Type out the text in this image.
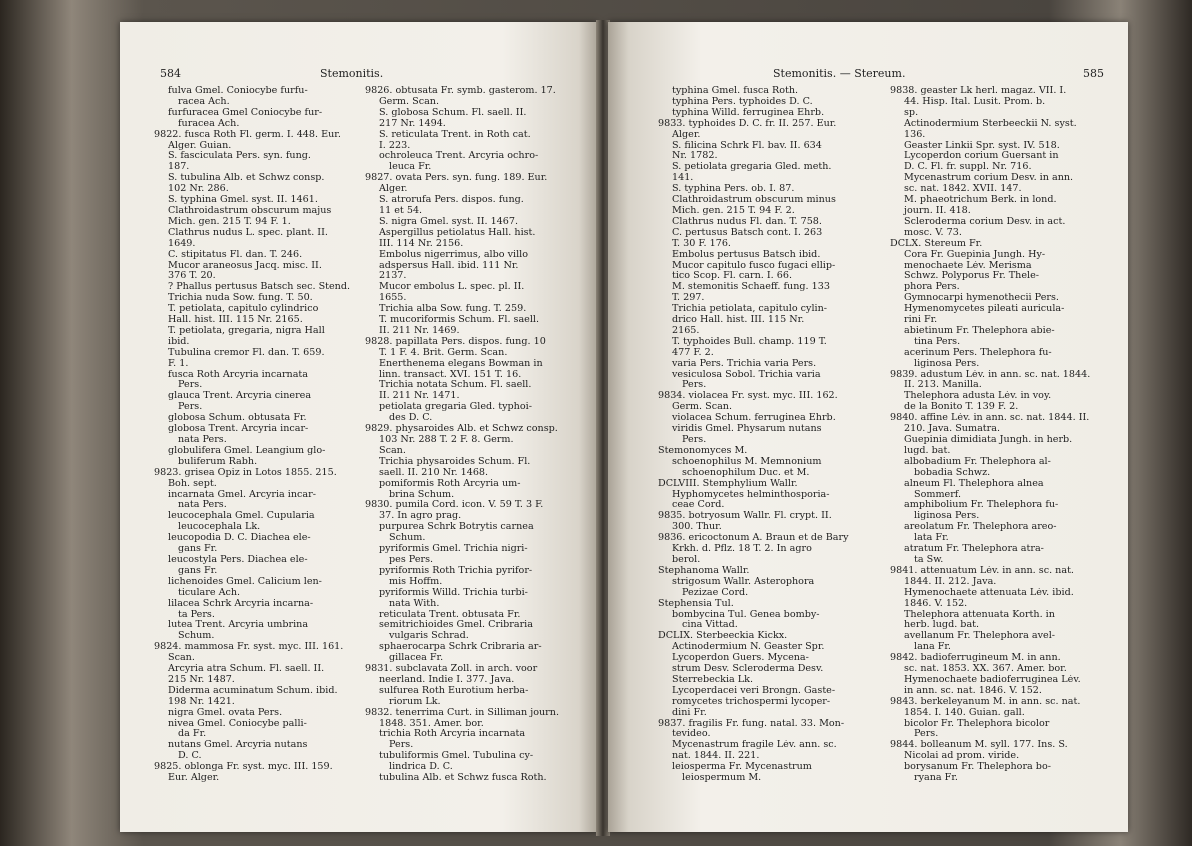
584	Stemonitis.
fulva Gmel. Coniocybe furfu-
racea Ach.
furfuracea Gmel Coniocybe fur-
furacea Ach.
9822. fusca Roth Fl. germ. I. 448. Eur.
Alger. Guian.
S. fasciculata Pers. syn. fung.
187.
S. tubulina Alb. et Schwz consp.
102 Nr. 286.
S. typhina Gmel. syst. II. 1461.
Clathroidastrum obscurum majus
Mich. gen. 215 T. 94 F. 1.
Clathrus nudus L. spec. plant. II.
1649.
C. stipitatus Fl. dan. T. 246.
Mucor araneosus Jacq. misc. II.
376 T. 20.
? Phallus pertusus Batsch sec. Stend.
Trichia nuda Sow. fung. T. 50.
T. petiolata, capitulo cylindrico
Hall. hist. III. 115 Nr. 2165.
T. petiolata, gregaria, nigra Hall
ibid.
Tubulina cremor Fl. dan. T. 659.
F. 1.
fusca Roth Arcyria incarnata
Pers.
glauca Trent. Arcyria cinerea
Pers.
globosa Schum. obtusata Fr.
globosa Trent. Arcyria incar-
nata Pers.
globulifera Gmel. Leangium glo-
buliferum Rabh.
9823. grisea Opiz in Lotos 1855. 215.
Boh. sept.
incarnata Gmel. Arcyria incar-
nata Pers.
leucocephala Gmel. Cupularia
leucocephala Lk.
leucopodia D. C. Diachea ele-
gans Fr.
leucostyla Pers. Diachea ele-
gans Fr.
lichenoides Gmel. Calicium len-
ticulare Ach.
lilacea Schrk Arcyria incarna-
ta Pers.
lutea Trent. Arcyria umbrina
Schum.
9824. mammosa Fr. syst. myc. III. 161.
Scan.
Arcyria atra Schum. Fl. saell. II.
215 Nr. 1487.
Diderma acuminatum Schum. ibid.
198 Nr. 1421.
nigra Gmel. ovata Pers.
nivea Gmel. Coniocybe palli-
da Fr.
nutans Gmel. Arcyria nutans
D. C.
9825. oblonga Fr. syst. myc. III. 159.
Eur. Alger.
9826. obtusata Fr. symb. gasterom. 17.
Germ. Scan.
S. globosa Schum. Fl. saell. II.
217 Nr. 1494.
S. reticulata Trent. in Roth cat.
I. 223.
ochroleuca Trent. Arcyria ochro-
leuca Fr.
9827. ovata Pers. syn. fung. 189. Eur.
Alger.
S. atrorufa Pers. dispos. fung.
11 et 54.
S. nigra Gmel. syst. II. 1467.
Aspergillus petiolatus Hall. hist.
III. 114 Nr. 2156.
Embolus nigerrimus, albo villo
adspersus Hall. ibid. 111 Nr.
2137.
Mucor embolus L. spec. pl. II.
1655.
Trichia alba Sow. fung. T. 259.
T. mucoriformis Schum. Fl. saell.
II. 211 Nr. 1469.
9828. papillata Pers. dispos. fung. 10
T. 1 F. 4. Brit. Germ. Scan.
Enerthenema elegans Bowman in
linn. transact. XVI. 151 T. 16.
Trichia notata Schum. Fl. saell.
II. 211 Nr. 1471.
petiolata gregaria Gled. typhoi-
des D. C.
9829. physaroides Alb. et Schwz consp.
103 Nr. 288 T. 2 F. 8. Germ.
Scan.
Trichia physaroides Schum. Fl.
saell. II. 210 Nr. 1468.
pomiformis Roth Arcyria um-
brina Schum.
9830. pumila Cord. icon. V. 59 T. 3 F.
37. In agro prag.
purpurea Schrk Botrytis carnea
Schum.
pyriformis Gmel. Trichia nigri-
pes Pers.
pyriformis Roth Trichia pyrifor-
mis Hoffm.
pyriformis Willd. Trichia turbi-
nata With.
reticulata Trent. obtusata Fr.
semitrichioides Gmel. Cribraria
vulgaris Schrad.
sphaerocarpa Schrk Cribraria ar-
gillacea Fr.
9831. subclavata Zoll. in arch. voor
neerland. Indie I. 377. Java.
sulfurea Roth Eurotium herba-
riorum Lk.
9832. tenerrima Curt. in Silliman journ.
1848. 351. Amer. bor.
trichia Roth Arcyria incarnata
Pers.
tubuliformis Gmel. Tubulina cy-
lindrica D. C.
tubulina Alb. et Schwz fusca Roth.
Stemonitis. — Stereum.	585
typhina Gmel. fusca Roth.
typhina Pers. typhoides D. C.
typhina Willd. ferruginea Ehrb.
9833. typhoides D. C. fr. II. 257. Eur.
Alger.
S. filicina Schrk Fl. bav. II. 634
Nr. 1782.
S. petiolata gregaria Gled. meth.
141.
S. typhina Pers. ob. I. 87.
Clathroidastrum obscurum minus
Mich. gen. 215 T. 94 F. 2.
Clathrus nudus Fl. dan. T. 758.
C. pertusus Batsch cont. I. 263
T. 30 F. 176.
Embolus pertusus Batsch ibid.
Mucor capitulo fusco fugaci ellip-
tico Scop. Fl. carn. I. 66.
M. stemonitis Schaeff. fung. 133
T. 297.
Trichia petiolata, capitulo cylin-
drico Hall. hist. III. 115 Nr.
2165.
T. typhoides Bull. champ. 119 T.
477 F. 2.
varia Pers. Trichia varia Pers.
vesiculosa Sobol. Trichia varia
Pers.
9834. violacea Fr. syst. myc. III. 162.
Germ. Scan.
violacea Schum. ferruginea Ehrb.
viridis Gmel. Physarum nutans
Pers.
Stemonomyces M.
schoenophilus M. Memnonium
schoenophilum Duc. et M.
DCLVIII. Stemphylium Wallr.
Hyphomycetes helminthosporia-
ceae Cord.
9835. botryosum Wallr. Fl. crypt. II.
300. Thur.
9836. ericoctonum A. Braun et de Bary
Krkh. d. Pflz. 18 T. 2. In agro
berol.
Stephanoma Wallr.
strigosum Wallr. Asterophora
Pezizae Cord.
Stephensia Tul.
bombycina Tul. Genea bomby-
cina Vittad.
DCLIX. Sterbeeckia Kickx.
Actinodermium N. Geaster Spr.
Lycoperdon Guers. Mycena-
strum Desv. Scleroderma Desv.
Sterrebeckia Lk.
Lycoperdacei veri Brongn. Gaste-
romycetes trichospermi lycoper-
dini Fr.
9837. fragilis Fr. fung. natal. 33. Mon-
tevideo.
Mycenastrum fragile Lév. ann. sc.
nat. 1844. II. 221.
leiosperma Fr. Mycenastrum
leiospermum M.
9838. geaster Lk herl. magaz. VII. I.
44. Hisp. Ital. Lusit. Prom. b.
sp.
Actinodermium Sterbeeckii N. syst.
136.
Geaster Linkii Spr. syst. IV. 518.
Lycoperdon corium Guersant in
D. C. Fl. fr. suppl. Nr. 716.
Mycenastrum corium Desv. in ann.
sc. nat. 1842. XVII. 147.
M. phaeotrichum Berk. in lond.
journ. II. 418.
Scleroderma corium Desv. in act.
mosc. V. 73.
DCLX. Stereum Fr.
Cora Fr. Guepinia Jungh. Hy-
menochaete Lév. Merisma
Schwz. Polyporus Fr. Thele-
phora Pers.
Gymnocarpi hymenothecii Pers.
Hymenomycetes pileati auricula-
rini Fr.
abietinum Fr. Thelephora abie-
tina Pers.
acerinum Pers. Thelephora fu-
liginosa Pers.
9839. adustum Lév. in ann. sc. nat. 1844.
II. 213. Manilla.
Thelephora adusta Lév. in voy.
de la Bonito T. 139 F. 2.
9840. affine Lév. in ann. sc. nat. 1844. II.
210. Java. Sumatra.
Guepinia dimidiata Jungh. in herb.
lugd. bat.
albobadium Fr. Thelephora al-
bobadia Schwz.
alneum Fl. Thelephora alnea
Sommerf.
amphibolium Fr. Thelephora fu-
liginosa Pers.
areolatum Fr. Thelephora areo-
lata Fr.
atratum Fr. Thelephora atra-
ta Sw.
9841. attenuatum Lév. in ann. sc. nat.
1844. II. 212. Java.
Hymenochaete attenuata Lév. ibid.
1846. V. 152.
Thelephora attenuata Korth. in
herb. lugd. bat.
avellanum Fr. Thelephora avel-
lana Fr.
9842. badioferrugineum M. in ann.
sc. nat. 1853. XX. 367. Amer. bor.
Hymenochaete badioferruginea Lév.
in ann. sc. nat. 1846. V. 152.
9843. berkeleyanum M. in ann. sc. nat.
1854. I. 140. Guian. gall.
bicolor Fr. Thelephora bicolor
Pers.
9844. bolleanum M. syll. 177. Ins. S.
Nicolai ad prom. viride.
borysanum Fr. Thelephora bo-
ryana Fr.
